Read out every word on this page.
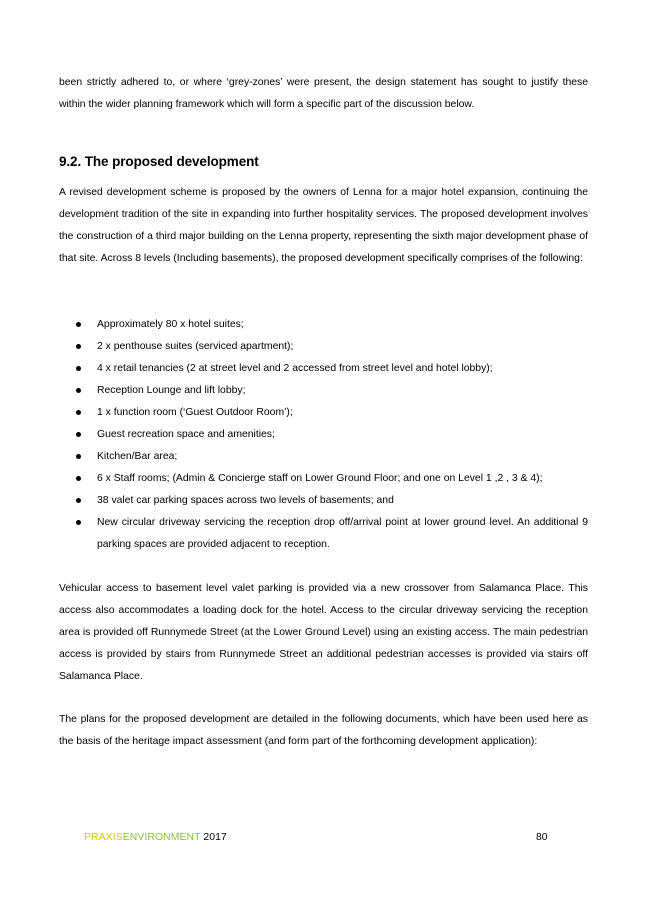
been strictly adhered to, or where ‘grey-zones’ were present, the design statement has sought to justify these within the wider planning framework which will form a specific part of the discussion below.

9.2. The proposed development

A revised development scheme is proposed by the owners of Lenna for a major hotel expansion, continuing the development tradition of the site in expanding into further hospitality services. The proposed development involves the construction of a third major building on the Lenna property, representing the sixth major development phase of that site. Across 8 levels (Including basements), the proposed development specifically comprises of the following:

Approximately 80 x hotel suites;
2 x penthouse suites (serviced apartment);
4 x retail tenancies (2 at street level and 2 accessed from street level and hotel lobby);
Reception Lounge and lift lobby;
1 x function room (‘Guest Outdoor Room’);
Guest recreation space and amenities;
Kitchen/Bar area;
6 x Staff rooms; (Admin & Concierge staff on Lower Ground Floor; and one on Level 1 ,2 , 3 & 4);
38 valet car parking spaces across two levels of basements; and
New circular driveway servicing the reception drop off/arrival point at lower ground level. An additional 9 parking spaces are provided adjacent to reception.

Vehicular access to basement level valet parking is provided via a new crossover from Salamanca Place. This access also accommodates a loading dock for the hotel. Access to the circular driveway servicing the reception area is provided off Runnymede Street (at the Lower Ground Level) using an existing access. The main pedestrian access is provided by stairs from Runnymede Street an additional pedestrian accesses is provided via stairs off Salamanca Place.

The plans for the proposed development are detailed in the following documents, which have been used here as the basis of the heritage impact assessment (and form part of the forthcoming development application):

PRAXISENVIRONMENT 2017	80
